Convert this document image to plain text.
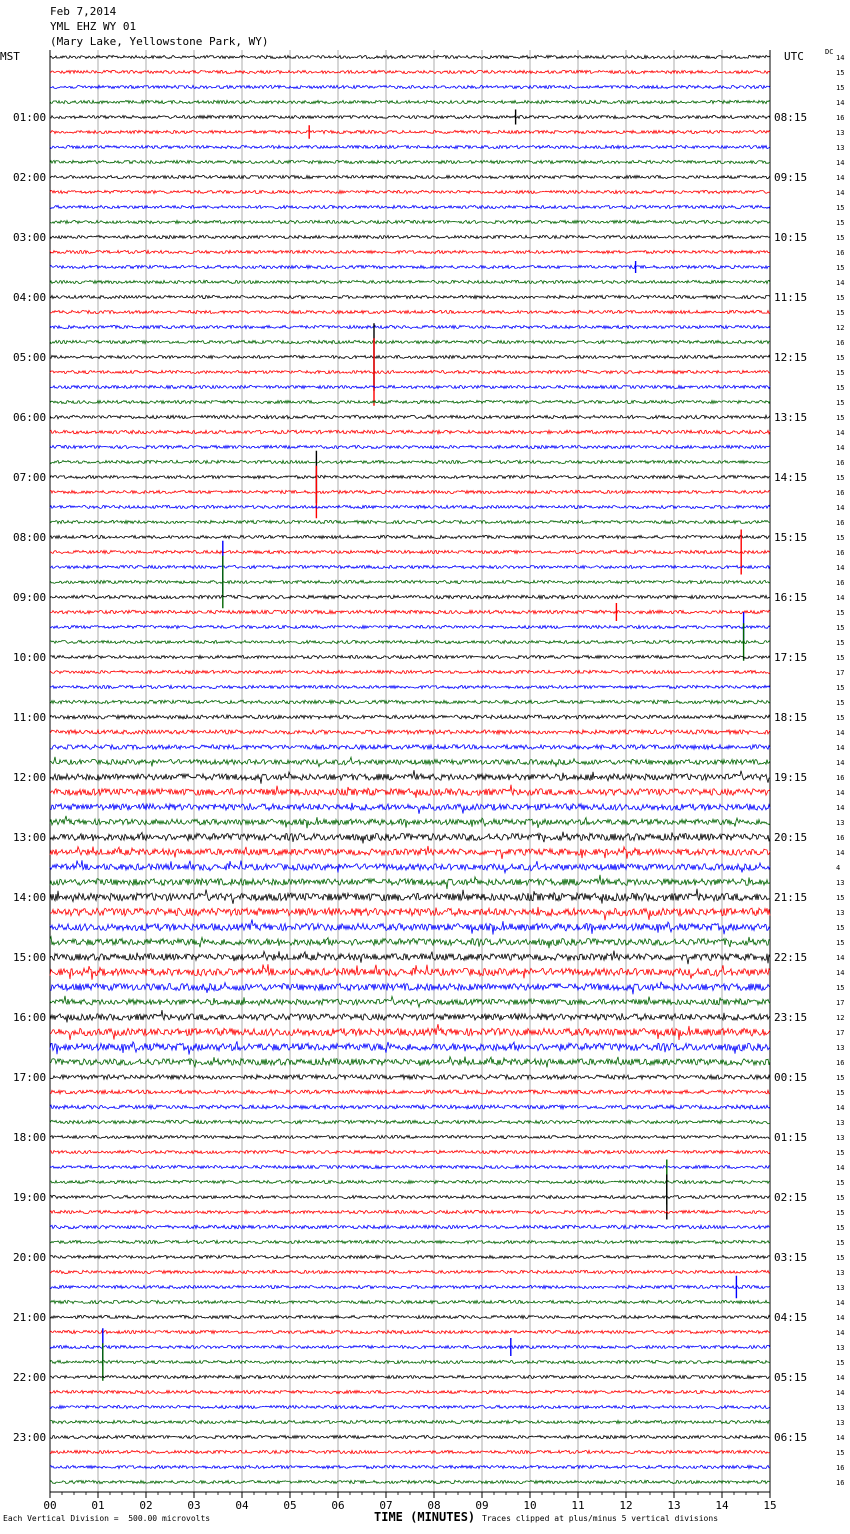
Feb 7,2014
YML EHZ WY 01
(Mary Lake, Yellowstone Park, WY)
01:00
02:00
03:00
04:00
05:00
06:00
07:00
08:00
09:00
10:00
11:00
12:00
13:00
14:00
15:00
16:00
17:00
18:00
19:00
20:00
21:00
22:00
23:00
08:15
09:15
10:15
11:15
12:15
13:15
14:15
15:15
16:15
17:15
18:15
19:15
20:15
21:15
22:15
23:15
00:15
01:15
02:15
03:15
04:15
05:15
06:15
14
15
15
14
16
13
13
14
14
14
15
15
15
16
15
14
15
15
12
16
15
15
15
15
15
14
14
16
15
16
14
16
15
16
14
16
14
15
15
15
15
17
15
15
15
14
14
14
16
14
14
13
16
14
4
13
15
13
15
15
14
14
15
17
12
17
13
16
15
15
14
13
13
15
14
15
15
15
15
15
15
13
13
14
14
14
13
15
14
14
13
13
14
15
16
16
00	01	02	03	04	05	06	07	08	09	10	11	12	13	14	15
MST	UTC	DC
TIME (MINUTES)
Each Vertical Division =  500.00 microvolts	Traces clipped at plus/minus 5 vertical divisions
